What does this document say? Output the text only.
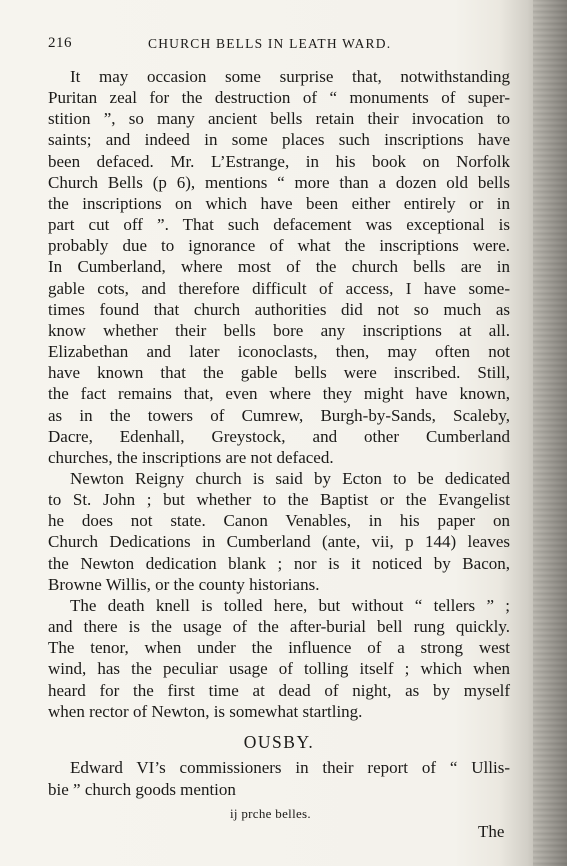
216	CHURCH BELLS IN LEATH WARD.

It may occasion some surprise that, notwithstanding
Puritan zeal for the destruction of “ monuments of super-
stition ”, so many ancient bells retain their invocation to
saints; and indeed in some places such inscriptions have
been defaced. Mr. L’Estrange, in his book on Norfolk
Church Bells (p 6), mentions “ more than a dozen old bells
the inscriptions on which have been either entirely or in
part cut off ”. That such defacement was exceptional is
probably due to ignorance of what the inscriptions were.
In Cumberland, where most of the church bells are in
gable cots, and therefore difficult of access, I have some-
times found that church authorities did not so much as
know whether their bells bore any inscriptions at all.
Elizabethan and later iconoclasts, then, may often not
have known that the gable bells were inscribed. Still,
the fact remains that, even where they might have known,
as in the towers of Cumrew, Burgh-by-Sands, Scaleby,
Dacre, Edenhall, Greystock, and other Cumberland
churches, the inscriptions are not defaced.

Newton Reigny church is said by Ecton to be dedicated
to St. John ; but whether to the Baptist or the Evangelist
he does not state. Canon Venables, in his paper on
Church Dedications in Cumberland (ante, vii, p 144) leaves
the Newton dedication blank ; nor is it noticed by Bacon,
Browne Willis, or the county historians.

The death knell is tolled here, but without “ tellers ” ;
and there is the usage of the after-burial bell rung quickly.
The tenor, when under the influence of a strong west
wind, has the peculiar usage of tolling itself ; which when
heard for the first time at dead of night, as by myself
when rector of Newton, is somewhat startling.

OUSBY.
Edward VI’s commissioners in their report of “ Ullis-
bie ” church goods mention
ij prche belles.
The
